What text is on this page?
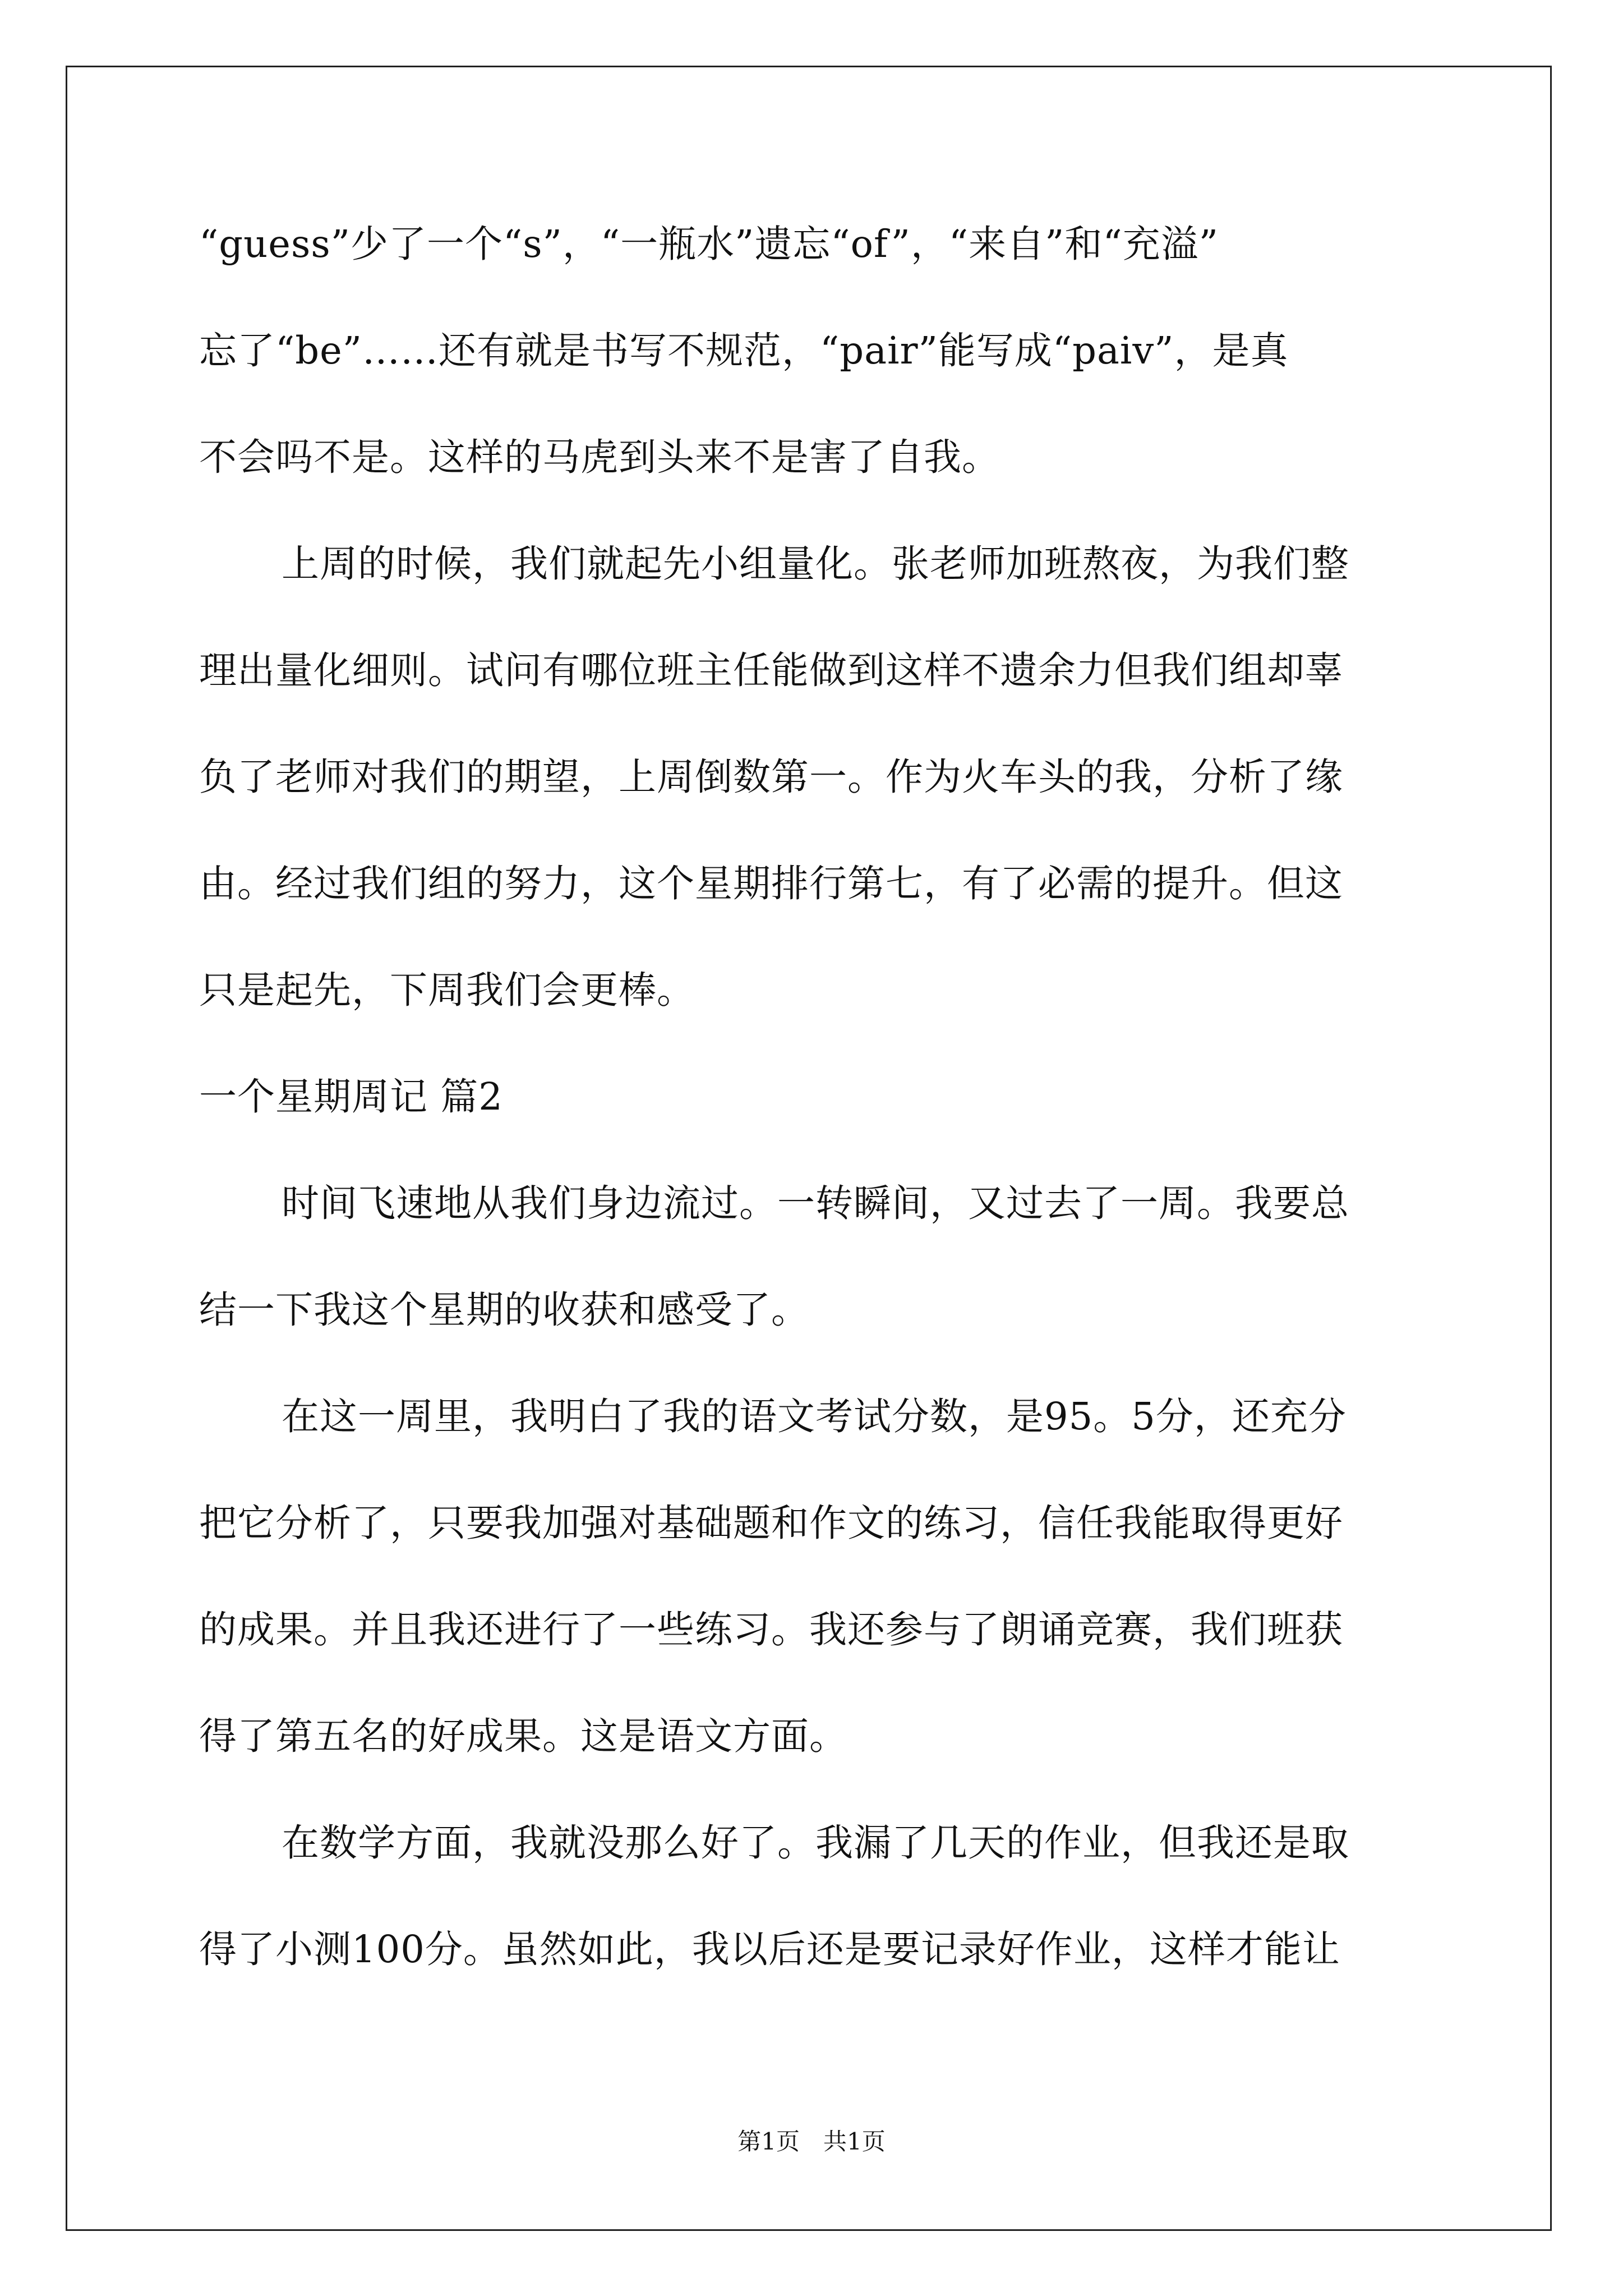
“guess”少了一个“s”，“一瓶水”遗忘“of”，“来自”和“充溢”
忘了“be”……还有就是书写不规范，“pair”能写成“paiv”，是真
不会吗不是。这样的马虎到头来不是害了自我。
上周的时候，我们就起先小组量化。张老师加班熬夜，为我们整
理出量化细则。试问有哪位班主任能做到这样不遗余力但我们组却辜
负了老师对我们的期望，上周倒数第一。作为火车头的我，分析了缘
由。经过我们组的努力，这个星期排行第七，有了必需的提升。但这
只是起先，下周我们会更棒。
一个星期周记 篇2
时间飞速地从我们身边流过。一转瞬间，又过去了一周。我要总
结一下我这个星期的收获和感受了。
在这一周里，我明白了我的语文考试分数，是95。5分，还充分
把它分析了，只要我加强对基础题和作文的练习，信任我能取得更好
的成果。并且我还进行了一些练习。我还参与了朗诵竞赛，我们班获
得了第五名的好成果。这是语文方面。
在数学方面，我就没那么好了。我漏了几天的作业，但我还是取
得了小测100分。虽然如此，我以后还是要记录好作业，这样才能让
第1页　共1页
